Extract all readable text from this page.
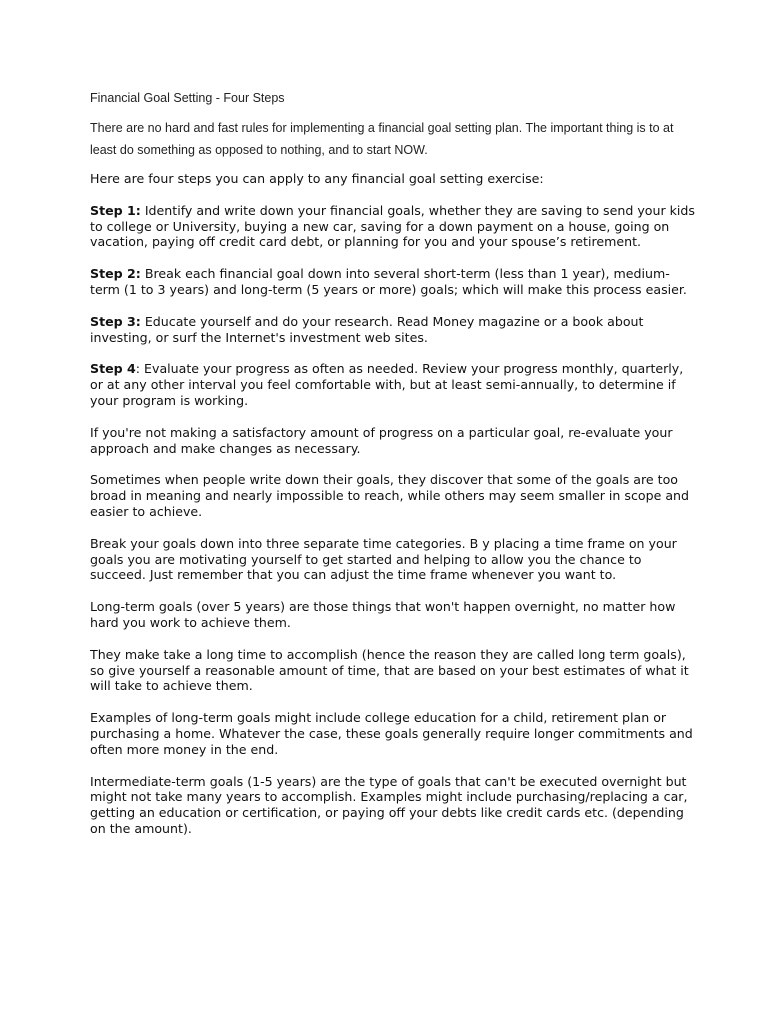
Financial Goal Setting - Four Steps

There are no hard and fast rules for implementing a financial goal setting plan. The important thing is to at least do something as opposed to nothing, and to start NOW.

Here are four steps you can apply to any financial goal setting exercise:

Step 1: Identify and write down your financial goals, whether they are saving to send your kids to college or University, buying a new car, saving for a down payment on a house, going on vacation, paying off credit card debt, or planning for you and your spouse’s retirement.

Step 2: Break each financial goal down into several short-term (less than 1 year), medium-term (1 to 3 years) and long-term (5 years or more) goals; which will make this process easier.

Step 3: Educate yourself and do your research. Read Money magazine or a book about investing, or surf the Internet's investment web sites.

Step 4: Evaluate your progress as often as needed. Review your progress monthly, quarterly, or at any other interval you feel comfortable with, but at least semi-annually, to determine if your program is working.

If you're not making a satisfactory amount of progress on a particular goal, re-evaluate your approach and make changes as necessary.

Sometimes when people write down their goals, they discover that some of the goals are too broad in meaning and nearly impossible to reach, while others may seem smaller in scope and easier to achieve.

Break your goals down into three separate time categories. B y placing a time frame on your goals you are motivating yourself to get started and helping to allow you the chance to succeed. Just remember that you can adjust the time frame whenever you want to.

Long-term goals (over 5 years) are those things that won't happen overnight, no matter how hard you work to achieve them.

They make take a long time to accomplish (hence the reason they are called long term goals), so give yourself a reasonable amount of time, that are based on your best estimates of what it will take to achieve them.

Examples of long-term goals might include college education for a child, retirement plan or purchasing a home. Whatever the case, these goals generally require longer commitments and often more money in the end.

Intermediate-term goals (1-5 years) are the type of goals that can't be executed overnight but might not take many years to accomplish. Examples might include purchasing/replacing a car, getting an education or certification, or paying off your debts like credit cards etc. (depending on the amount).
